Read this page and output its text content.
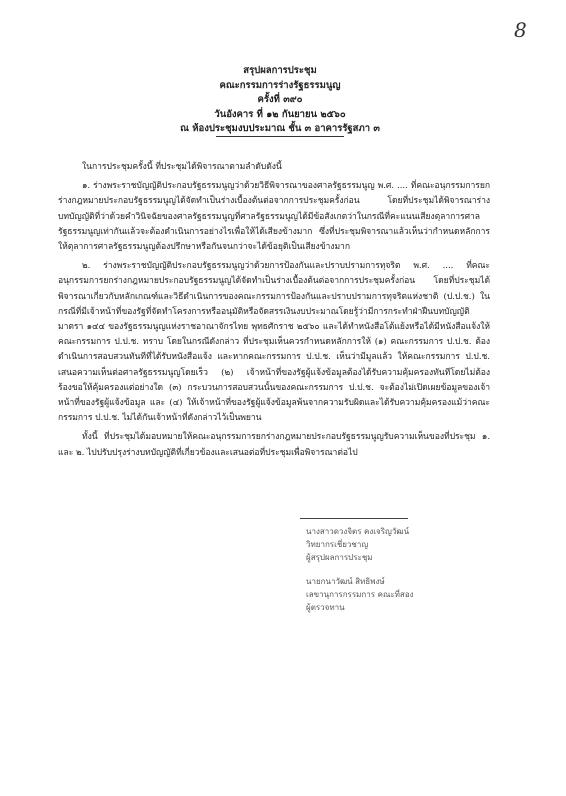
8
สรุปผลการประชุม
คณะกรรมการร่างรัฐธรรมนูญ
ครั้งที่ ๓๙๐
วันอังคาร ที่ ๑๒ กันยายน ๒๕๖๐
ณ ห้องประชุมงบประมาณ ชั้น ๓ อาคารรัฐสภา ๓

ในการประชุมครั้งนี้ ที่ประชุมได้พิจารณาตามลำดับดังนี้

๑. ร่างพระราชบัญญัติประกอบรัฐธรรมนูญว่าด้วยวิธีพิจารณาของศาลรัฐธรรมนูญ พ.ศ. .... ที่คณะอนุกรรมการยกร่างกฎหมายประกอบรัฐธรรมนูญได้จัดทำเป็นร่างเบื้องต้นต่อจากการประชุมครั้งก่อน โดยที่ประชุมได้พิจารณาร่างบทบัญญัติที่ว่าด้วยคำวินิจฉัยของศาลรัฐธรรมนูญที่ศาลรัฐธรรมนูญได้มีข้อสังเกตว่าในกรณีที่คะแนนเสียงตุลาการศาลรัฐธรรมนูญเท่ากันแล้วจะต้องดำเนินการอย่างไรเพื่อให้ได้เสียงข้างมาก ซึ่งที่ประชุมพิจารณาแล้วเห็นว่ากำหนดหลักการให้ตุลาการศาลรัฐธรรมนูญต้องปรึกษาหรือกันจนกว่าจะได้ข้อยุติเป็นเสียงข้างมาก

๒. ร่างพระราชบัญญัติประกอบรัฐธรรมนูญว่าด้วยการป้องกันและปราบปรามการทุจริต พ.ศ. .... ที่คณะอนุกรรมการยกร่างกฎหมายประกอบรัฐธรรมนูญได้จัดทำเป็นร่างเบื้องต้นต่อจากการประชุมครั้งก่อน โดยที่ประชุมได้พิจารณาเกี่ยวกับหลักเกณฑ์และวิธีดำเนินการของคณะกรรมการป้องกันและปราบปรามการทุจริตแห่งชาติ (ป.ป.ช.) ในกรณีที่มีเจ้าหน้าที่ของรัฐที่จัดทำโครงการหรืออนุมัติหรือจัดสรรเงินงบประมาณโดยรู้ว่ามีการกระทำฝ่าฝืนบทบัญญัติมาตรา ๑๔๔ ของรัฐธรรมนูญแห่งราชอาณาจักรไทย พุทธศักราช ๒๕๖๐ และได้ทำหนังสือโต้แย้งหรือได้มีหนังสือแจ้งให้คณะกรรมการ ป.ป.ช. ทราบ โดยในกรณีดังกล่าว ที่ประชุมเห็นควรกำหนดหลักการให้ (๑) คณะกรรมการ ป.ป.ช. ต้องดำเนินการสอบสวนทันทีที่ได้รับหนังสือแจ้ง และหากคณะกรรมการ ป.ป.ช. เห็นว่ามีมูลแล้ว ให้คณะกรรมการ ป.ป.ช. เสนอความเห็นต่อศาลรัฐธรรมนูญโดยเร็ว (๒) เจ้าหน้าที่ของรัฐผู้แจ้งข้อมูลต้องได้รับความคุ้มครองทันทีโดยไม่ต้องร้องขอให้คุ้มครองแต่อย่างใด (๓) กระบวนการสอบสวนนั้นของคณะกรรมการ ป.ป.ช. จะต้องไม่เปิดเผยข้อมูลของเจ้าหน้าที่ของรัฐผู้แจ้งข้อมูล และ (๔) ให้เจ้าหน้าที่ของรัฐผู้แจ้งข้อมูลพ้นจากความรับผิดและได้รับความคุ้มครองแม้ว่าคณะกรรมการ ป.ป.ช. ไม่ได้กันเจ้าหน้าที่ดังกล่าวไว้เป็นพยาน

ทั้งนี้ ที่ประชุมได้มอบหมายให้คณะอนุกรรมการยกร่างกฎหมายประกอบรัฐธรรมนูญรับความเห็นของที่ประชุม ๑. และ ๒. ไปปรับปรุงร่างบทบัญญัติที่เกี่ยวข้องและเสนอต่อที่ประชุมเพื่อพิจารณาต่อไป

นางสาวดวงจิตร คงเจริญวัฒน์
วิทยากรเชี่ยวชาญ
ผู้สรุปผลการประชุม
นายกนาวัฒน์ สิทธิพงษ์
เลขานุการกรรมการ คณะที่สอง
ผู้ตรวจทาน
